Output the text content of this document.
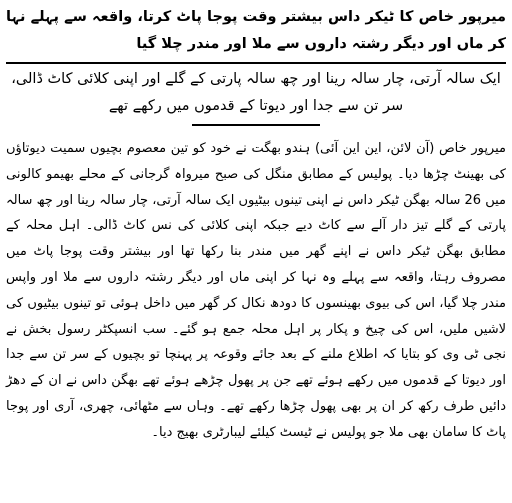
میرپور خاص کا ٹیکر داس بیشتر وقت پوجا پاٹ کرتا، واقعہ سے پہلے نہا کر ماں اور دیگر رشتہ داروں سے ملا اور مندر چلا گیا
ایک سالہ آرتی، چار سالہ رینا اور چھ سالہ پارتی کے گلے اور اپنی کلائی کاٹ ڈالی، سر تن سے جدا اور دیوتا کے قدموں میں رکھے تھے

میرپور خاص (آن لائن، این این آئی) ہندو بھگت نے خود کو تین معصوم بچیوں سمیت دیوتاؤں کی بھینٹ چڑھا دیا۔ پولیس کے مطابق منگل کی صبح میرواہ گرجانی کے محلے بھیمو کالونی میں 26 سالہ بھگن ٹیکر داس نے اپنی تینوں بیٹیوں ایک سالہ آرتی، چار سالہ رینا اور چھ سالہ پارتی کے گلے تیز دار آلے سے کاٹ دیے جبکہ اپنی کلائی کی نس کاٹ ڈالی۔ اہل محلہ کے مطابق بھگن ٹیکر داس نے اپنے گھر میں مندر بنا رکھا تھا اور بیشتر وقت پوجا پاٹ میں مصروف رہتا، واقعہ سے پہلے وہ نہا کر اپنی ماں اور دیگر رشتہ داروں سے ملا اور واپس مندر چلا گیا، اس کی بیوی بھینسوں کا دودھ نکال کر گھر میں داخل ہوئی تو تینوں بیٹیوں کی لاشیں ملیں، اس کی چیخ و پکار پر اہل محلہ جمع ہو گئے۔ سب انسپکٹر رسول بخش نے نجی ٹی وی کو بتایا کہ اطلاع ملنے کے بعد جائے وقوعہ پر پہنچا تو بچیوں کے سر تن سے جدا اور دیوتا کے قدموں میں رکھے ہوئے تھے جن پر پھول چڑھے ہوئے تھے بھگن داس نے ان کے دھڑ دائیں طرف رکھ کر ان پر بھی پھول چڑھا رکھے تھے۔ وہاں سے مٹھائی، چھری، آری اور پوجا پاٹ کا سامان بھی ملا جو پولیس نے ٹیسٹ کیلئے لیبارٹری بھیج دیا۔
